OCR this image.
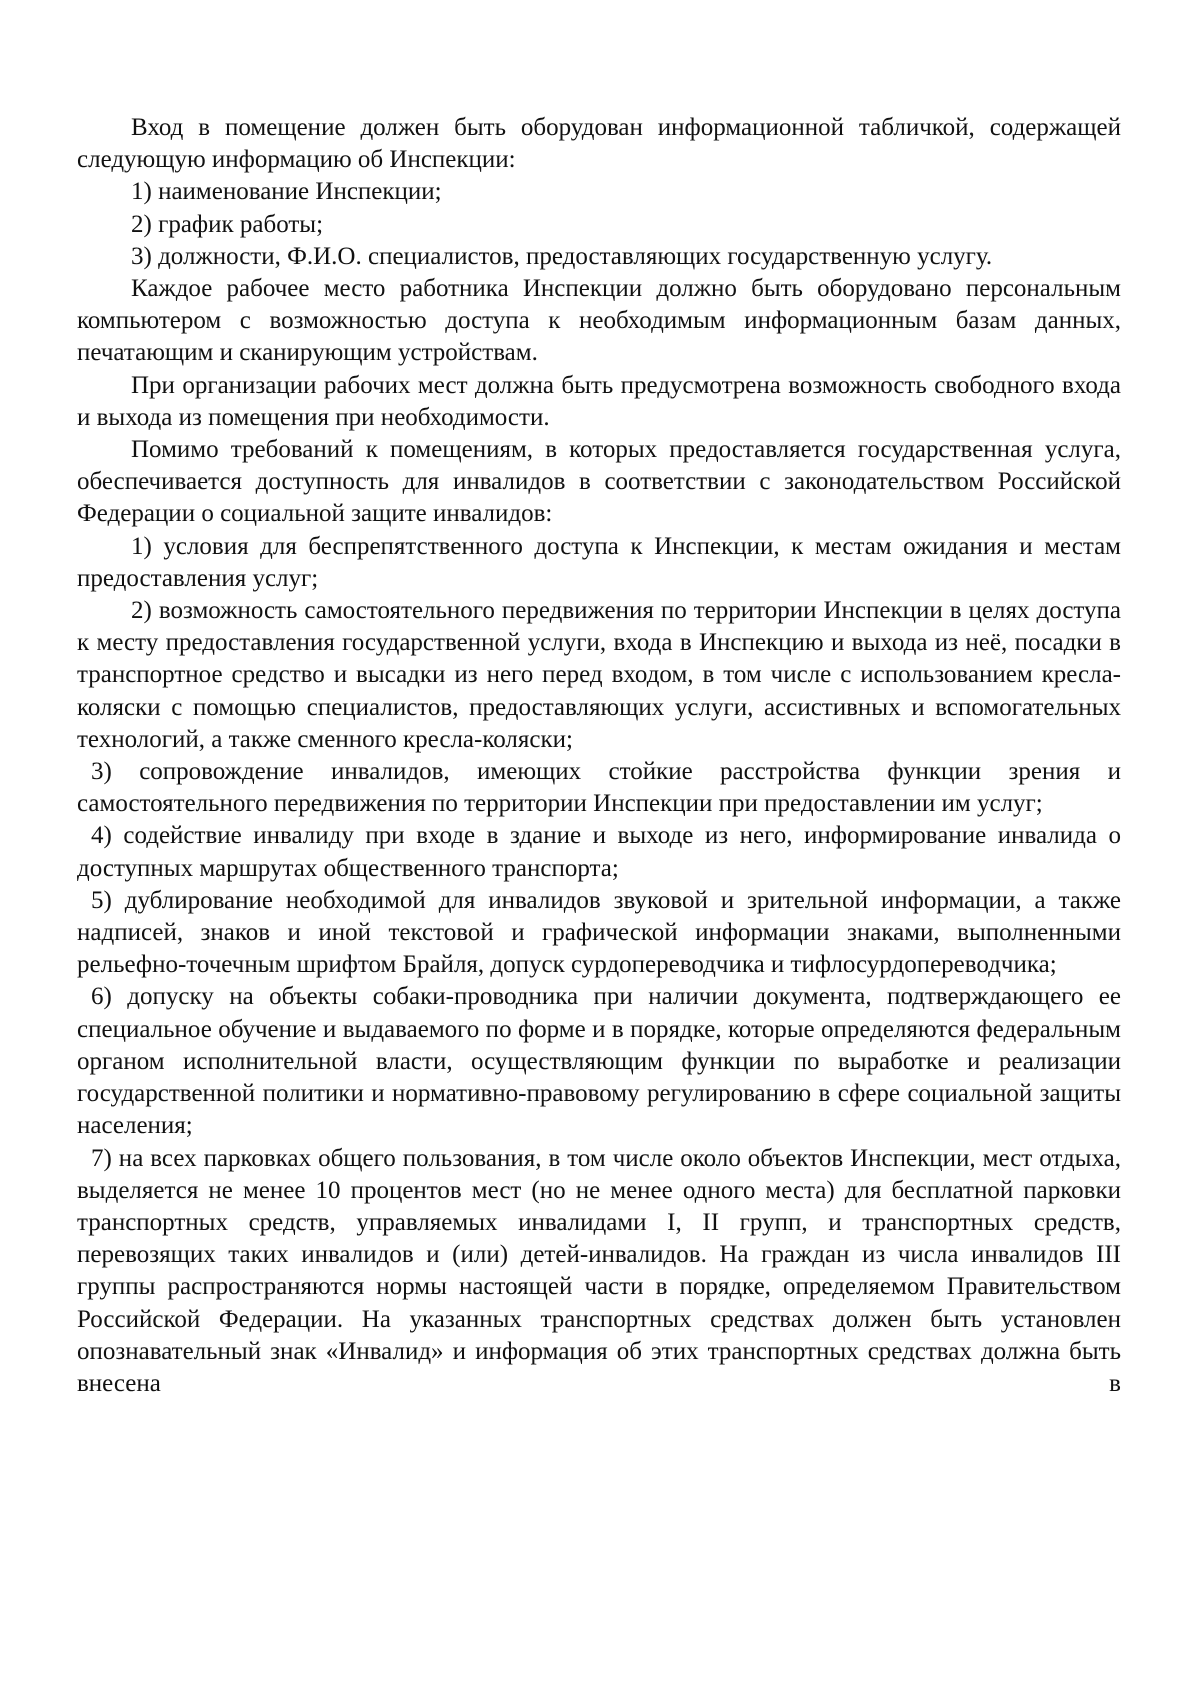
Вход в помещение должен быть оборудован информационной табличкой, содержащей следующую информацию об Инспекции:

1) наименование Инспекции;

2) график работы;

3) должности, Ф.И.О. специалистов, предоставляющих государственную услугу.

Каждое рабочее место работника Инспекции должно быть оборудовано персональным компьютером с возможностью доступа к необходимым информационным базам данных, печатающим и сканирующим устройствам.

При организации рабочих мест должна быть предусмотрена возможность свободного входа и выхода из помещения при необходимости.

Помимо требований к помещениям, в которых предоставляется государственная услуга, обеспечивается доступность для инвалидов в соответствии с законодательством Российской Федерации о социальной защите инвалидов:

1) условия для беспрепятственного доступа к Инспекции, к местам ожидания и местам предоставления услуг;

2) возможность самостоятельного передвижения по территории Инспекции в целях доступа к месту предоставления государственной услуги, входа в Инспекцию и выхода из неё, посадки в транспортное средство и высадки из него перед входом, в том числе с использованием кресла-коляски с помощью специалистов, предоставляющих услуги, ассистивных и вспомогательных технологий, а также сменного кресла-коляски;

3) сопровождение инвалидов, имеющих стойкие расстройства функции зрения и самостоятельного передвижения по территории Инспекции при предоставлении им услуг;

4) содействие инвалиду при входе в здание и выходе из него, информирование инвалида о доступных маршрутах общественного транспорта;

5) дублирование необходимой для инвалидов звуковой и зрительной информации, а также надписей, знаков и иной текстовой и графической информации знаками, выполненными рельефно-точечным шрифтом Брайля, допуск сурдопереводчика и тифлосурдопереводчика;

6) допуску на объекты собаки-проводника при наличии документа, подтверждающего ее специальное обучение и выдаваемого по форме и в порядке, которые определяются федеральным органом исполнительной власти, осуществляющим функции по выработке и реализации государственной политики и нормативно-правовому регулированию в сфере социальной защиты населения;

7) на всех парковках общего пользования, в том числе около объектов Инспекции, мест отдыха, выделяется не менее 10 процентов мест (но не менее одного места) для бесплатной парковки транспортных средств, управляемых инвалидами I, II групп, и транспортных средств, перевозящих таких инвалидов и (или) детей-инвалидов. На граждан из числа инвалидов III группы распространяются нормы настоящей части в порядке, определяемом Правительством Российской Федерации. На указанных транспортных средствах должен быть установлен опознавательный знак «Инвалид» и информация об этих транспортных средствах должна быть внесена в
